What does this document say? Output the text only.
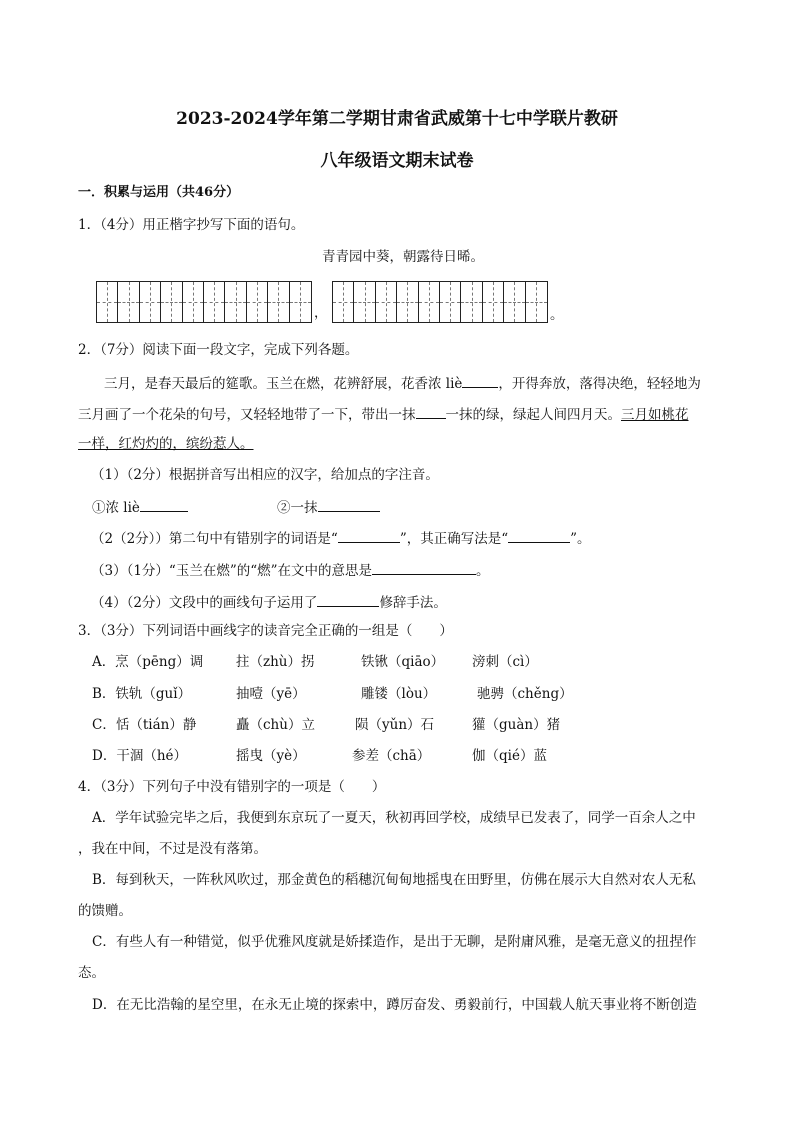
2023-2024学年第二学期甘肃省武威第十七中学联片教研
八年级语文期末试卷
一．积累与运用（共46分）
1．（4分）用正楷字抄写下面的语句。
青青园中葵，朝露待日晞。
，	。
2．（7分）阅读下面一段文字，完成下列各题。
三月，是春天最后的筵歌。玉兰在燃，花辨舒展，花香浓 liè	，开得奔放，落得决绝，轻轻地为
三月画了一个花朵的句号，又轻轻地带了一下，带出一抹 一抹的绿，绿起人间四月天。三月如桃花
一样，红灼灼的，缤纷惹人。
（1）（2分）根据拼音写出相应的汉字，给加点的字注音。
①浓 liè	②一抹
（2（2分））第二句中有错别字的词语是“	”，其正确写法是“	”。
（3）（1分）“玉兰在燃”的“燃”在文中的意思是	。
（4）（2分）文段中的画线句子运用了	修辞手法。
3．（3分）下列词语中画线字的读音完全正确的一组是（　　）
A．烹（pēng）调 拄（zhù）拐	铁锹（qiāo） 滂刺（cì）
B．铁轨（guǐ）	抽噎（yē）	雕镂（lòu）	驰骋（chěng）
C．恬（tián）静	矗（chù）立	陨（yǔn）石	獾（guàn）猪
D．干涸（hé）	摇曳（yè）	参差（chā）	伽（qié）蓝
4．（3分）下列句子中没有错别字的一项是（　　）
A．学年试验完毕之后，我便到东京玩了一夏天，秋初再回学校，成绩早已发表了，同学一百余人之中
，我在中间，不过是没有落第。
B．每到秋天，一阵秋风吹过，那金黄色的稻穗沉甸甸地摇曳在田野里，仿佛在展示大自然对农人无私
的馈赠。
C．有些人有一种错觉，似乎优雅风度就是娇揉造作，是出于无聊，是附庸风雅，是毫无意义的扭捏作
态。
D．在无比浩翰的星空里，在永无止境的探索中，蹲厉奋发、勇毅前行，中国载人航天事业将不断创造
